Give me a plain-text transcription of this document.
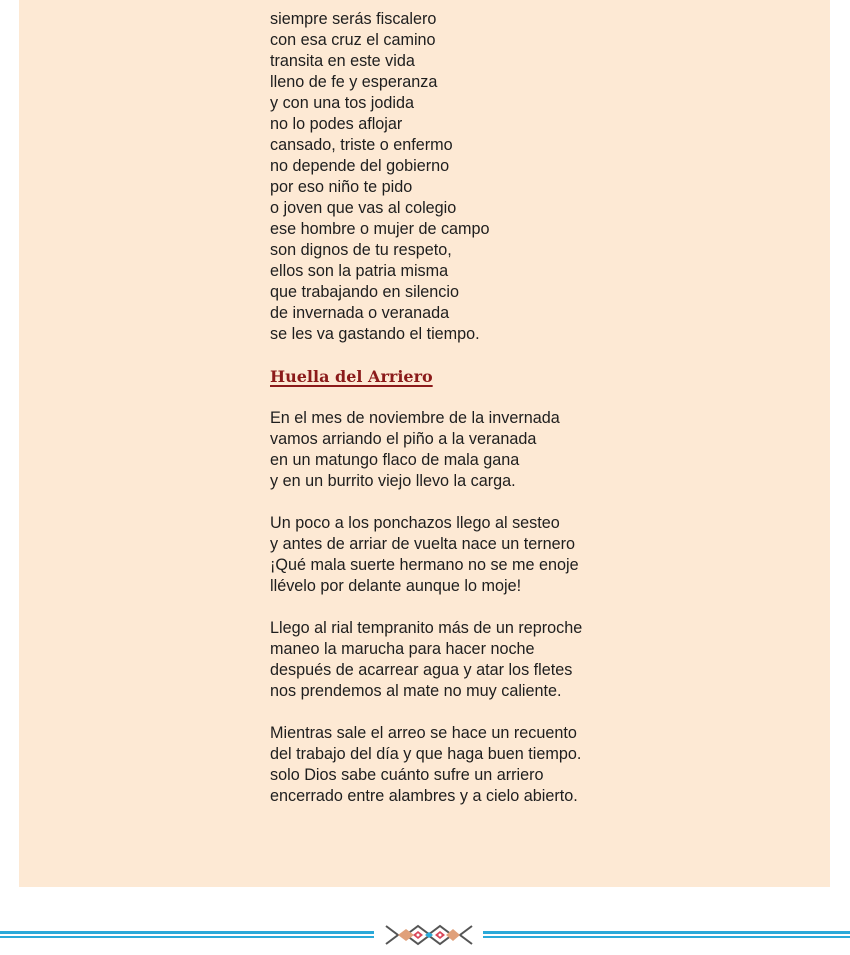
siempre serás fiscalero
con esa cruz el camino
transita en este vida
lleno de fe y esperanza
y con una tos jodida
no lo podes aflojar
cansado, triste o enfermo
no depende del gobierno
por eso niño te pido
o joven que vas al colegio
ese hombre o mujer de campo
son dignos de tu respeto,
ellos son la patria misma
que trabajando en silencio
de invernada o veranada
se les va gastando el tiempo.
Huella del Arriero
En el mes de noviembre de la invernada
vamos arriando el piño a la veranada
en un matungo flaco de mala gana
y en un burrito viejo llevo la carga.
Un poco a los ponchazos llego al sesteo
y antes de arriar de vuelta nace un ternero
¡Qué mala suerte hermano no se me enoje
llévelo por delante aunque lo moje!
Llego al rial tempranito más de un reproche
maneo la marucha para hacer noche
después de acarrear agua y atar los fletes
nos prendemos al mate no muy caliente.
Mientras sale el arreo se hace un recuento
del trabajo del día y que haga buen tiempo.
solo Dios sabe cuánto sufre un arriero
encerrado entre alambres y a cielo abierto.
